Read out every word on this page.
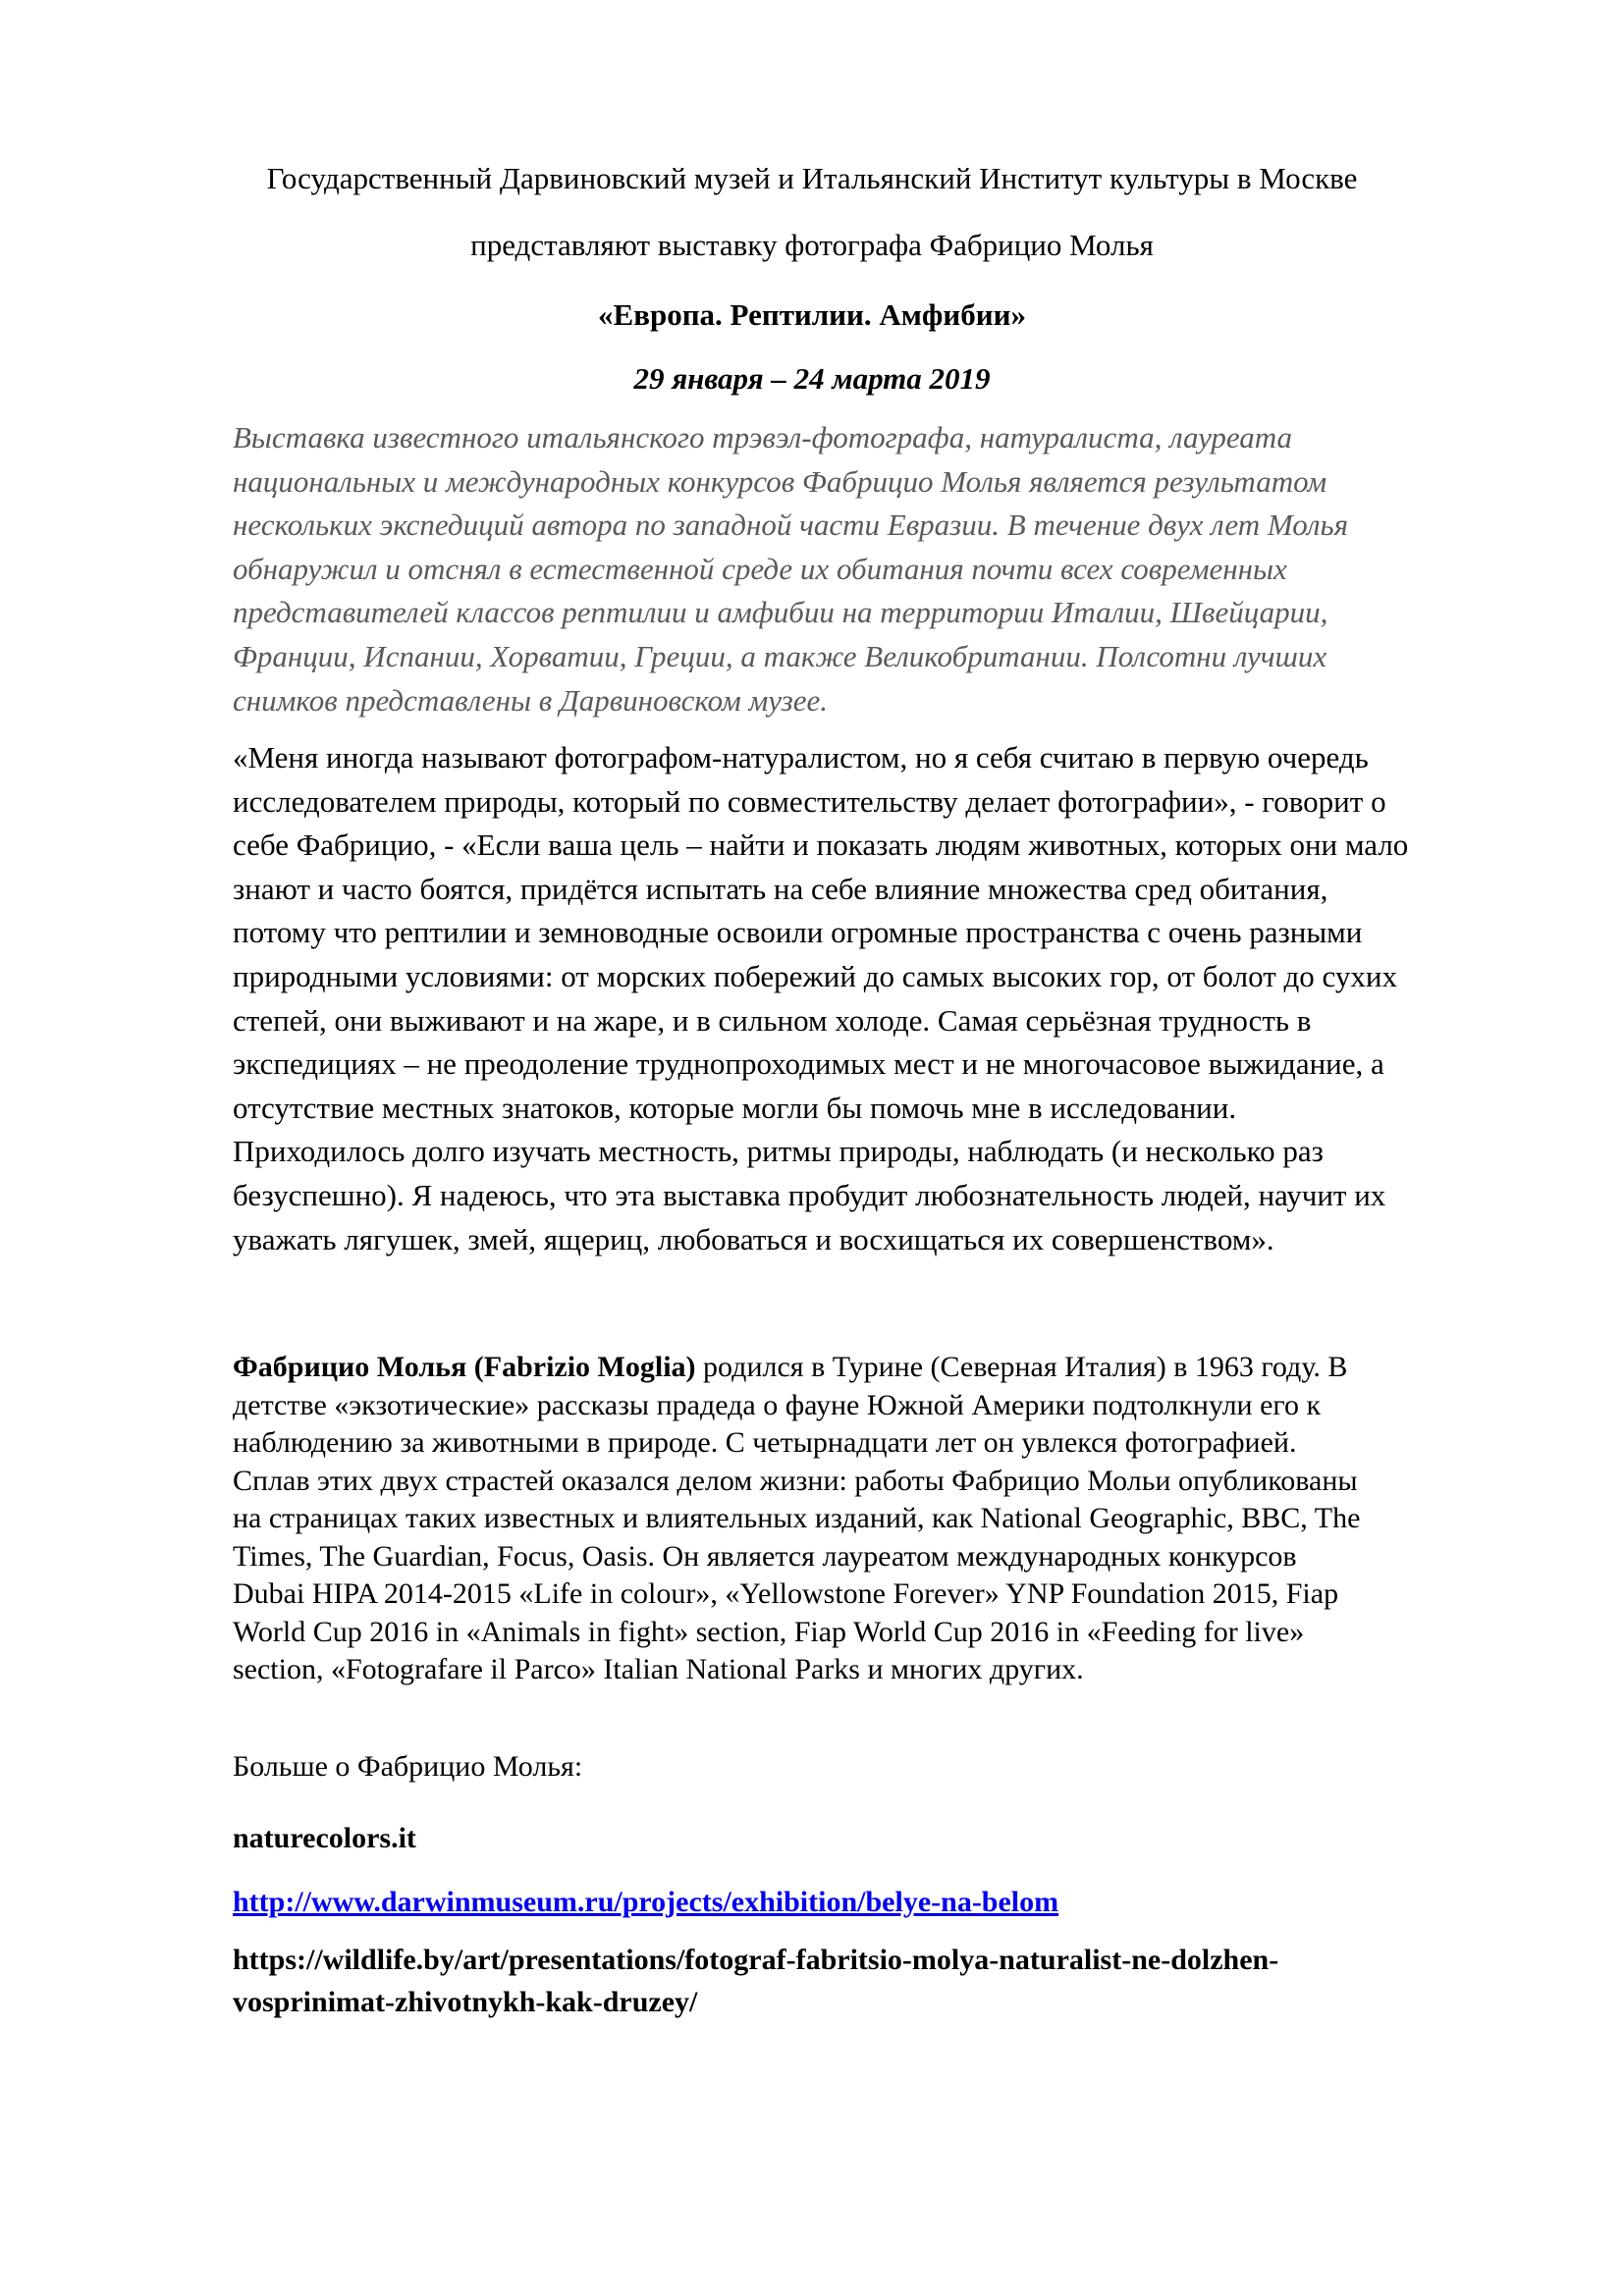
Государственный Дарвиновский музей и Итальянский Институт культуры в Москве
представляют выставку фотографа Фабрицио Молья
«Европа. Рептилии. Амфибии»
29 января – 24 марта 2019
Выставка известного итальянского трэвэл-фотографа, натуралиста, лауреата
национальных и международных конкурсов Фабрицио Молья является результатом
нескольких экспедиций автора по западной части Евразии. В течение двух лет Молья
обнаружил и отснял в естественной среде их обитания почти всех современных
представителей классов рептилии и амфибии на территории Италии, Швейцарии,
Франции, Испании, Хорватии, Греции, а также Великобритании. Полсотни лучших
снимков представлены в Дарвиновском музее.
«Меня иногда называют фотографом-натуралистом, но я себя считаю в первую очередь
исследователем природы, который по совместительству делает фотографии», - говорит о
себе Фабрицио, - «Если ваша цель – найти и показать людям животных, которых они мало
знают и часто боятся, придётся испытать на себе влияние множества сред обитания,
потому что рептилии и земноводные освоили огромные пространства с очень разными
природными условиями: от морских побережий до самых высоких гор, от болот до сухих
степей, они выживают и на жаре, и в сильном холоде. Самая серьёзная трудность в
экспедициях – не преодоление труднопроходимых мест и не многочасовое выжидание, а
отсутствие местных знатоков, которые могли бы помочь мне в исследовании.
Приходилось долго изучать местность, ритмы природы, наблюдать (и несколько раз
безуспешно). Я надеюсь, что эта выставка пробудит любознательность людей, научит их
уважать лягушек, змей, ящериц, любоваться и восхищаться их совершенством».
Фабрицио Молья (Fabrizio Moglia) родился в Турине (Северная Италия) в 1963 году. В
детстве «экзотические» рассказы прадеда о фауне Южной Америки подтолкнули его к
наблюдению за животными в природе. С четырнадцати лет он увлекся фотографией.
Сплав этих двух страстей оказался делом жизни: работы Фабрицио Мольи опубликованы
на страницах таких известных и влиятельных изданий, как National Geographic, BBC, The
Times, The Guardian, Focus, Oasis. Он является лауреатом международных конкурсов
Dubai HIPA 2014-2015 «Life in colour», «Yellowstone Forever» YNP Foundation 2015, Fiap
World Cup 2016 in «Animals in fight» section, Fiap World Cup 2016 in «Feeding for live»
section, «Fotografare il Parco» Italian National Parks и многих других.
Больше о Фабрицио Молья:
naturecolors.it
http://www.darwinmuseum.ru/projects/exhibition/belye-na-belom
https://wildlife.by/art/presentations/fotograf-fabritsio-molya-naturalist-ne-dolzhen-
vosprinimat-zhivotnykh-kak-druzey/
